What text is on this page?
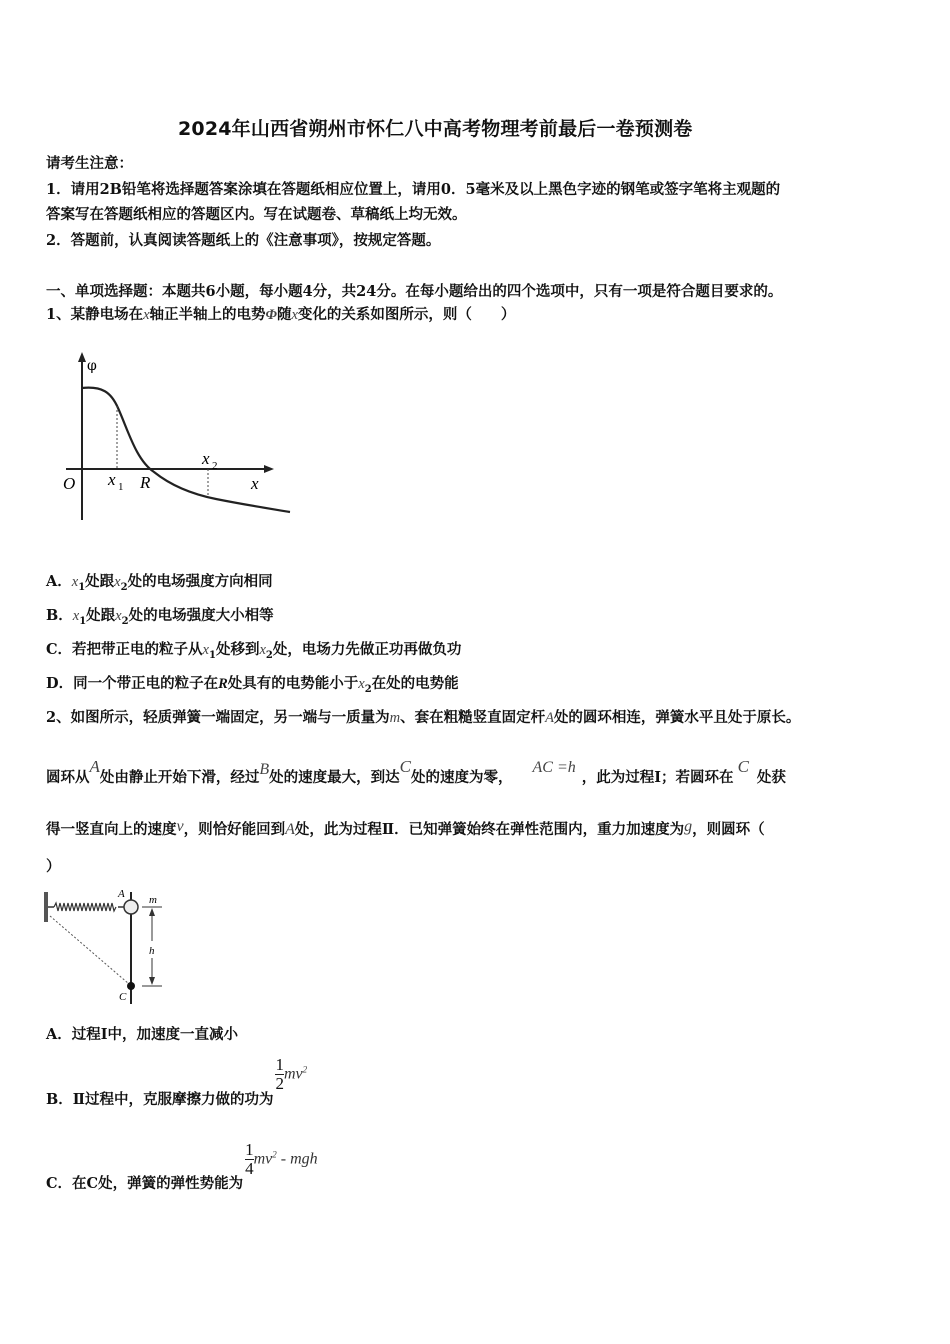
2024年山西省朔州市怀仁八中高考物理考前最后一卷预测卷
请考生注意：
1．请用2B铅笔将选择题答案涂填在答题纸相应位置上，请用0．5毫米及以上黑色字迹的钢笔或签字笔将主观题的
答案写在答题纸相应的答题区内。写在试题卷、草稿纸上均无效。
2．答题前，认真阅读答题纸上的《注意事项》，按规定答题。
一、单项选择题：本题共6小题，每小题4分，共24分。在每小题给出的四个选项中，只有一项是符合题目要求的。
1、某静电场在x轴正半轴上的电势Φ随x变化的关系如图所示，则（　　）
φ
O x 1 R
x 2
x
A．$x_1$处跟$x_2$处的电场强度方向相同
B．$x_1$处跟$x_2$处的电场强度大小相等
C．若把带正电的粒子从$x_1$处移到$x_2$处，电场力先做正功再做负功
D．同一个带正电的粒子在R处具有的电势能小于$x_2$在处的电势能
2、如图所示，轻质弹簧一端固定，另一端与一质量为m、套在粗糙竖直固定杆A处的圆环相连，弹簧水平且处于原长。
圆环从A处由静止开始下滑，经过B处的速度最大，到达C处的速度为零，AC =h，此为过程Ⅰ；若圆环在C处获
得一竖直向上的速度v，则恰好能回到A处，此为过程Ⅱ．已知弹簧始终在弹性范围内，重力加速度为g，则圆环（
）
A m
h
C
A．过程Ⅰ中，加速度一直减小
B．Ⅱ过程中，克服摩擦力做的功为
$\frac{1}{2} mv^2$
C．在C处，弹簧的弹性势能为
$\frac{1}{4} mv^2$ - mgh
